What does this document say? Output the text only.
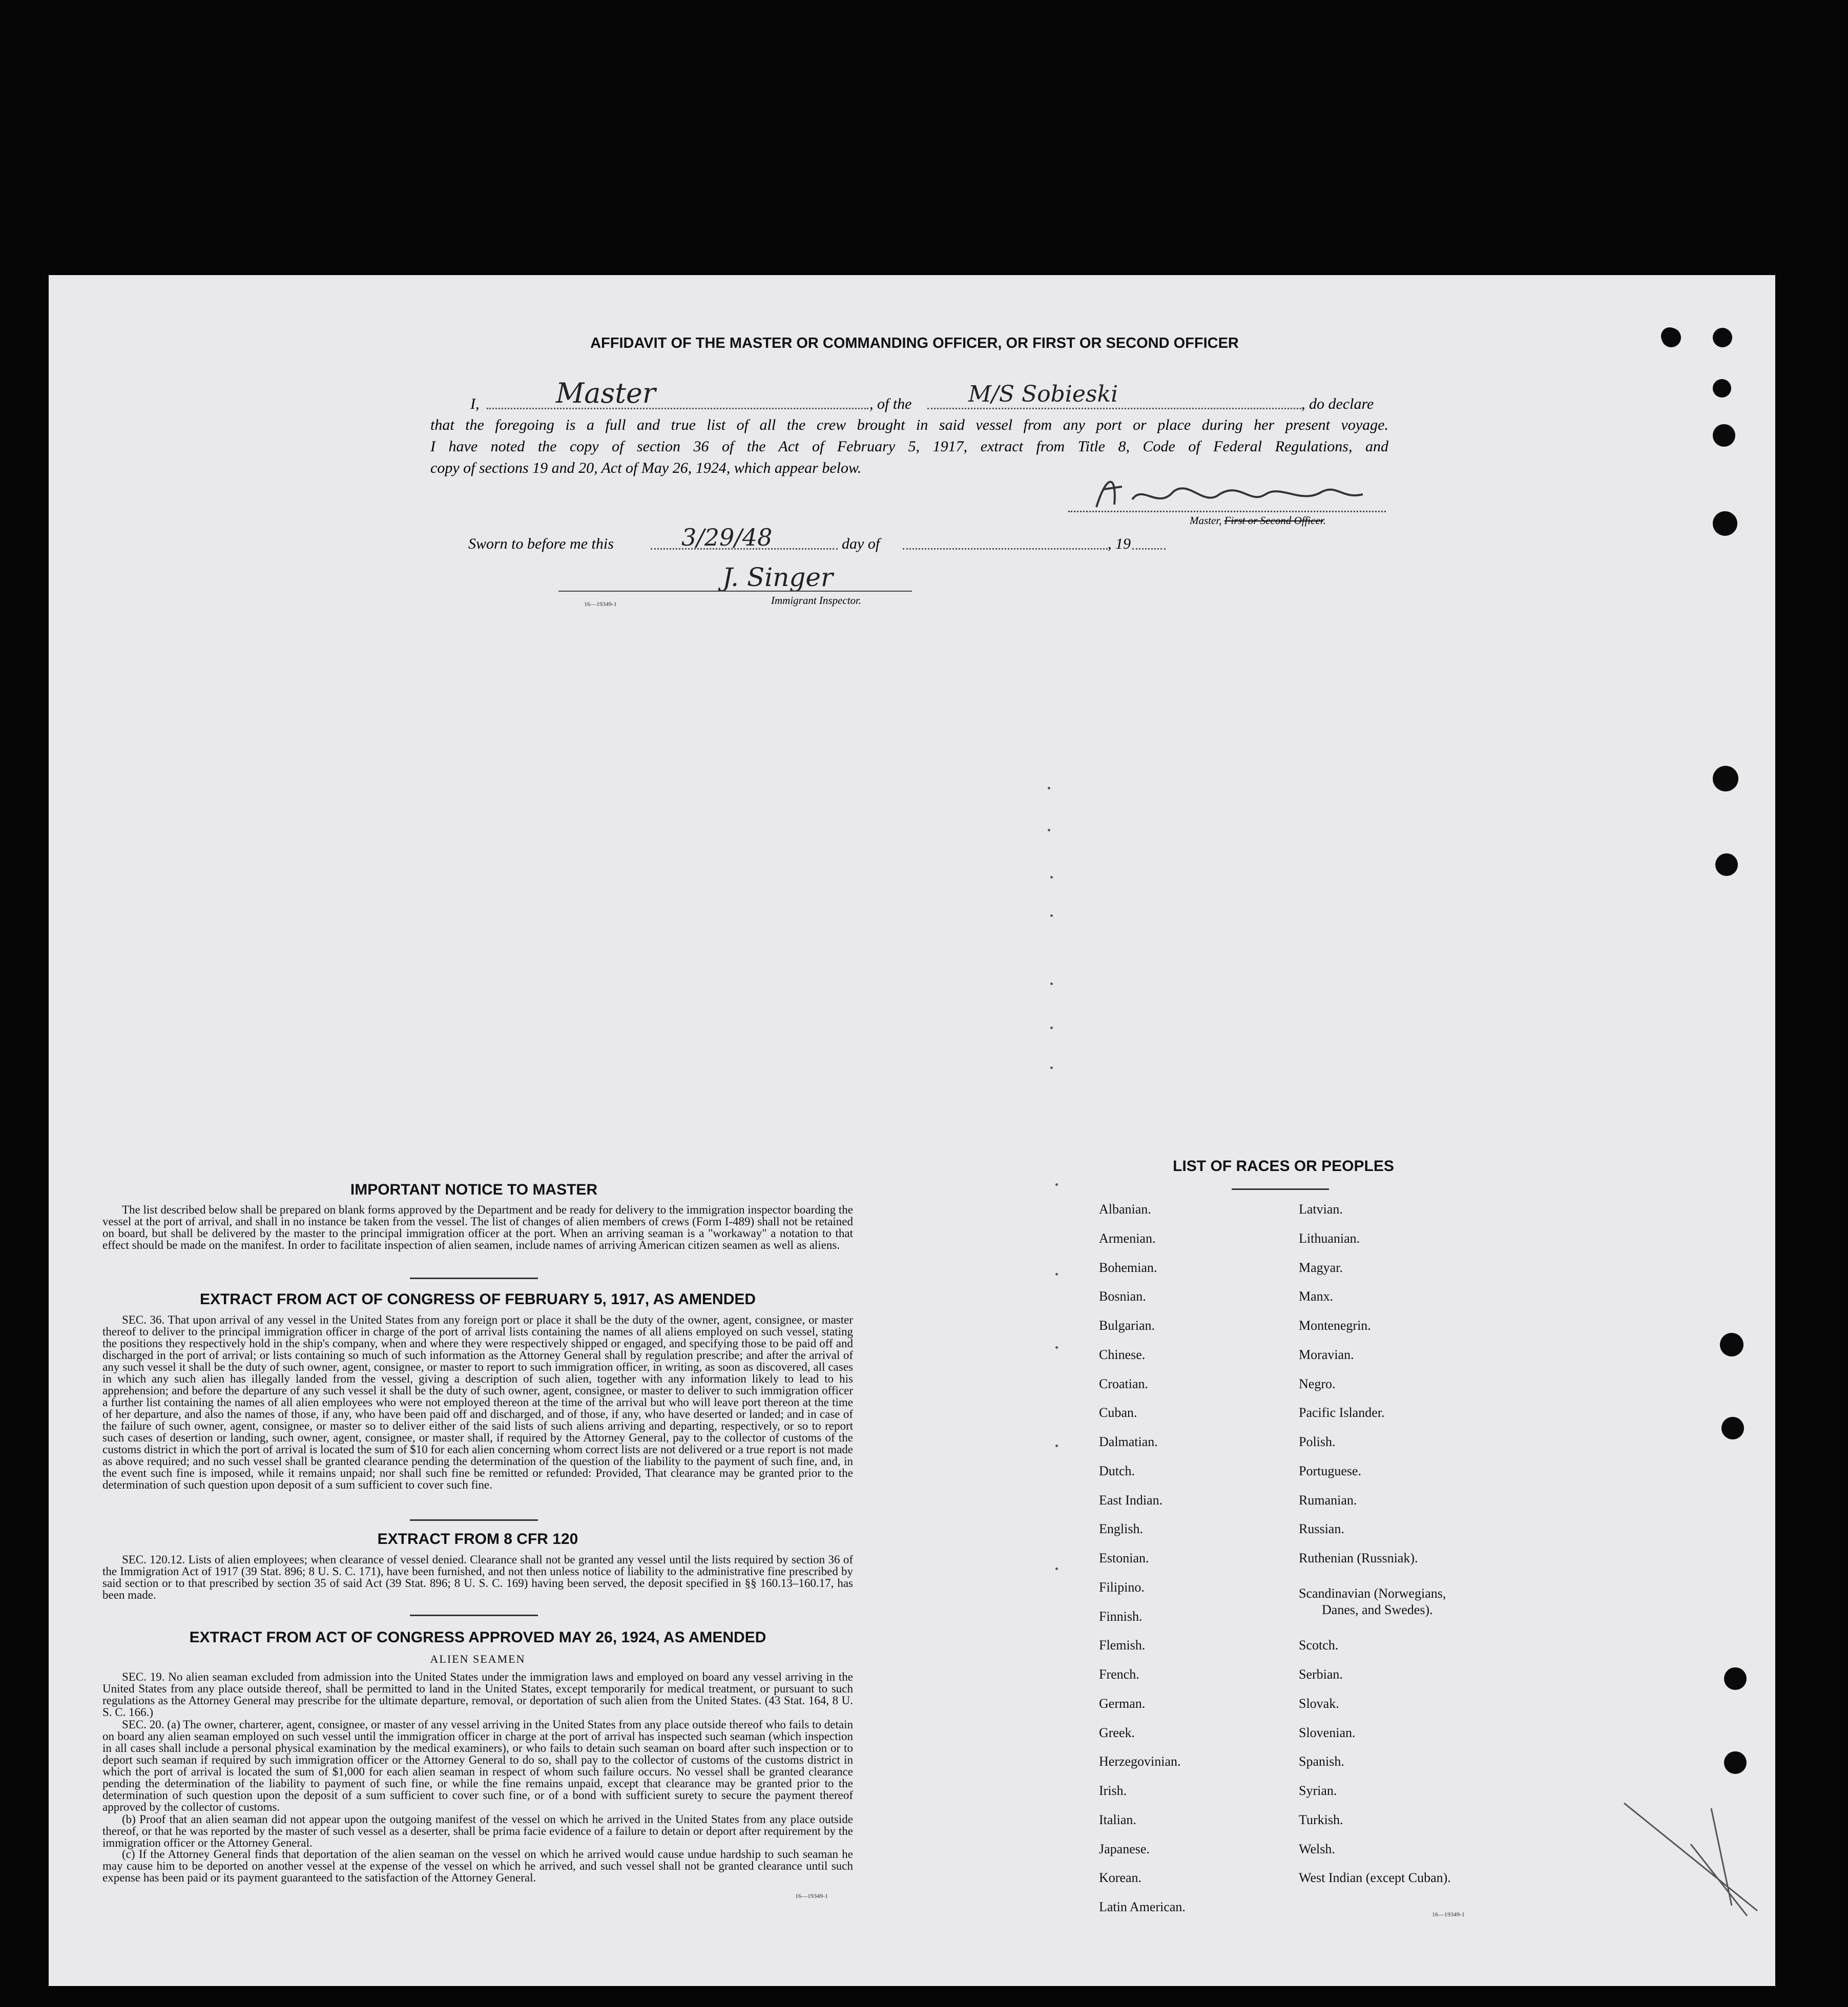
AFFIDAVIT OF THE MASTER OR COMMANDING OFFICER, OR FIRST OR SECOND OFFICER
I,	Master	, of the	M/S Sobieski	, do declare
that the foregoing is a full and true list of all the crew brought in said vessel from any port or place during her present voyage.
I have noted the copy of section 36 of the Act of February 5, 1917, extract from Title 8, Code of Federal Regulations, and
copy of sections 19 and 20, Act of May 26, 1924, which appear below.
Master, First or Second Officer.
Sworn to before me this	3/29/48	day of	, 19
J. Singer
16—19349-1	Immigrant Inspector.
IMPORTANT NOTICE TO MASTER
The list described below shall be prepared on blank forms approved by the Department and be ready for delivery to the immigration inspector boarding the vessel at the port of arrival, and shall in no instance be taken from the vessel. The list of changes of alien members of crews (Form I-489) shall not be retained on board, but shall be delivered by the master to the principal immigration officer at the port. When an arriving seaman is a "workaway" a notation to that effect should be made on the manifest. In order to facilitate inspection of alien seamen, include names of arriving American citizen seamen as well as aliens.
EXTRACT FROM ACT OF CONGRESS OF FEBRUARY 5, 1917, AS AMENDED
SEC. 36. That upon arrival of any vessel in the United States from any foreign port or place it shall be the duty of the owner, agent, consignee, or master thereof to deliver to the principal immigration officer in charge of the port of arrival lists containing the names of all aliens employed on such vessel, stating the positions they respectively hold in the ship's company, when and where they were respectively shipped or engaged, and specifying those to be paid off and discharged in the port of arrival; or lists containing so much of such information as the Attorney General shall by regulation prescribe; and after the arrival of any such vessel it shall be the duty of such owner, agent, consignee, or master to report to such immigration officer, in writing, as soon as discovered, all cases in which any such alien has illegally landed from the vessel, giving a description of such alien, together with any information likely to lead to his apprehension; and before the departure of any such vessel it shall be the duty of such owner, agent, consignee, or master to deliver to such immigration officer a further list containing the names of all alien employees who were not employed thereon at the time of the arrival but who will leave port thereon at the time of her departure, and also the names of those, if any, who have been paid off and discharged, and of those, if any, who have deserted or landed; and in case of the failure of such owner, agent, consignee, or master so to deliver either of the said lists of such aliens arriving and departing, respectively, or so to report such cases of desertion or landing, such owner, agent, consignee, or master shall, if required by the Attorney General, pay to the collector of customs of the customs district in which the port of arrival is located the sum of $10 for each alien concerning whom correct lists are not delivered or a true report is not made as above required; and no such vessel shall be granted clearance pending the determination of the question of the liability to the payment of such fine, and, in the event such fine is imposed, while it remains unpaid; nor shall such fine be remitted or refunded: Provided, That clearance may be granted prior to the determination of such question upon deposit of a sum sufficient to cover such fine.
EXTRACT FROM 8 CFR 120
SEC. 120.12. Lists of alien employees; when clearance of vessel denied. Clearance shall not be granted any vessel until the lists required by section 36 of the Immigration Act of 1917 (39 Stat. 896; 8 U. S. C. 171), have been furnished, and not then unless notice of liability to the administrative fine prescribed by said section or to that prescribed by section 35 of said Act (39 Stat. 896; 8 U. S. C. 169) having been served, the deposit specified in §§ 160.13–160.17, has been made.
EXTRACT FROM ACT OF CONGRESS APPROVED MAY 26, 1924, AS AMENDED
ALIEN SEAMEN
SEC. 19. No alien seaman excluded from admission into the United States under the immigration laws and employed on board any vessel arriving in the United States from any place outside thereof, shall be permitted to land in the United States, except temporarily for medical treatment, or pursuant to such regulations as the Attorney General may prescribe for the ultimate departure, removal, or deportation of such alien from the United States. (43 Stat. 164, 8 U. S. C. 166.)
SEC. 20. (a) The owner, charterer, agent, consignee, or master of any vessel arriving in the United States from any place outside thereof who fails to detain on board any alien seaman employed on such vessel until the immigration officer in charge at the port of arrival has inspected such seaman (which inspection in all cases shall include a personal physical examination by the medical examiners), or who fails to detain such seaman on board after such inspection or to deport such seaman if required by such immigration officer or the Attorney General to do so, shall pay to the collector of customs of the customs district in which the port of arrival is located the sum of $1,000 for each alien seaman in respect of whom such failure occurs. No vessel shall be granted clearance pending the determination of the liability to payment of such fine, or while the fine remains unpaid, except that clearance may be granted prior to the determination of such question upon the deposit of a sum sufficient to cover such fine, or of a bond with sufficient surety to secure the payment thereof approved by the collector of customs.
(b) Proof that an alien seaman did not appear upon the outgoing manifest of the vessel on which he arrived in the United States from any place outside thereof, or that he was reported by the master of such vessel as a deserter, shall be prima facie evidence of a failure to detain or deport after requirement by the immigration officer or the Attorney General.
(c) If the Attorney General finds that deportation of the alien seaman on the vessel on which he arrived would cause undue hardship to such seaman he may cause him to be deported on another vessel at the expense of the vessel on which he arrived, and such vessel shall not be granted clearance until such expense has been paid or its payment guaranteed to the satisfaction of the Attorney General.
16—19349-1
LIST OF RACES OR PEOPLES
Albanian.
Armenian.
Bohemian.
Bosnian.
Bulgarian.
Chinese.
Croatian.
Cuban.
Dalmatian.
Dutch.
East Indian.
English.
Estonian.
Filipino.
Finnish.
Flemish.
French.
German.
Greek.
Herzegovinian.
Irish.
Italian.
Japanese.
Korean.
Latin American.
Latvian.
Lithuanian.
Magyar.
Manx.
Montenegrin.
Moravian.
Negro.
Pacific Islander.
Polish.
Portuguese.
Rumanian.
Russian.
Ruthenian (Russniak).
Scandinavian (Norwegians,
Danes, and Swedes).
Scotch.
Serbian.
Slovak.
Slovenian.
Spanish.
Syrian.
Turkish.
Welsh.
West Indian (except Cuban).
16—19349-1
